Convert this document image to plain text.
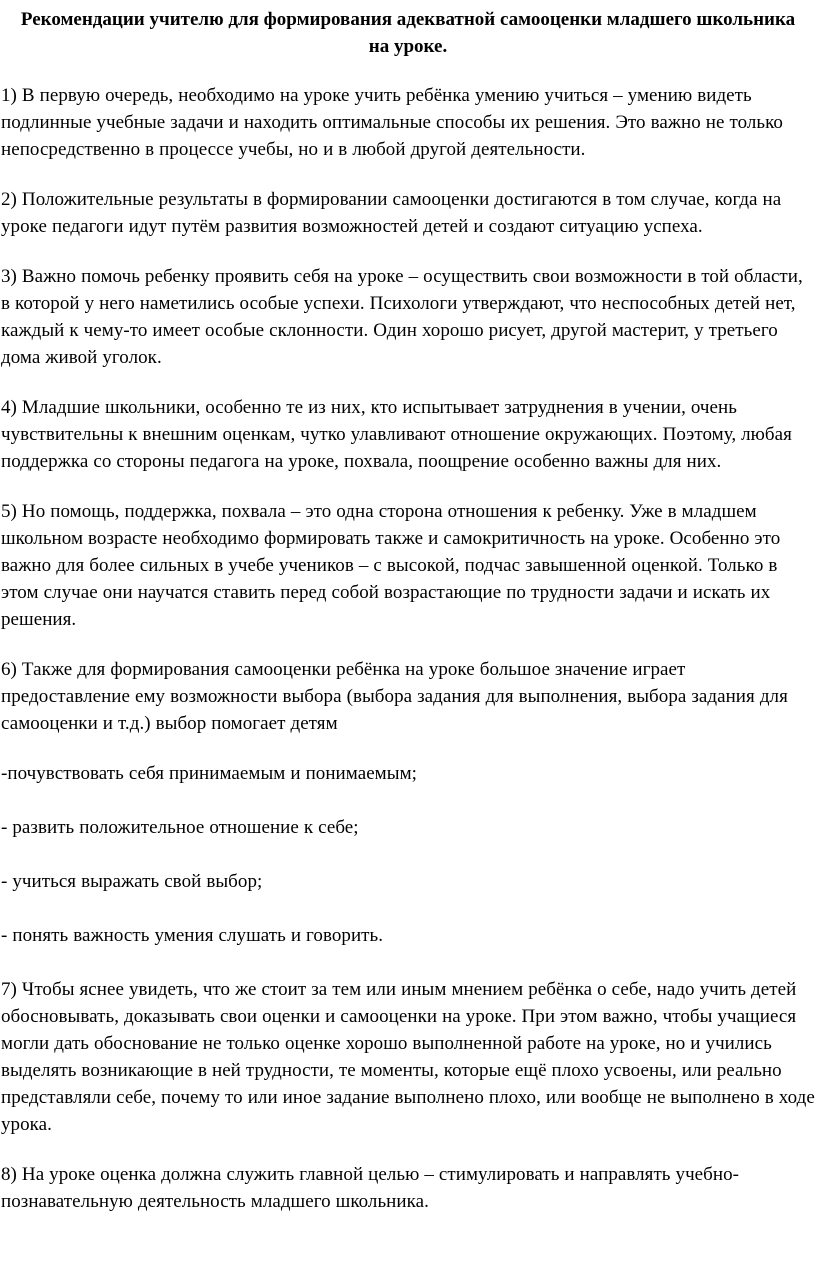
Рекомендации учителю для формирования адекватной самооценки младшего школьника на уроке.

1) В первую очередь, необходимо на уроке учить ребёнка умению учиться – умению видеть подлинные учебные задачи и находить оптимальные способы их решения. Это важно не только непосредственно в процессе учебы, но и в любой другой деятельности.

2) Положительные результаты в формировании самооценки достигаются в том случае, когда на уроке педагоги идут путём развития возможностей детей и создают ситуацию успеха.

3) Важно помочь ребенку проявить себя на уроке – осуществить свои возможности в той области, в которой у него наметились особые успехи. Психологи утверждают, что неспособных детей нет, каждый к чему-то имеет особые склонности. Один хорошо рисует, другой мастерит, у третьего дома живой уголок.

4) Младшие школьники, особенно те из них, кто испытывает затруднения в учении, очень чувствительны к внешним оценкам, чутко улавливают отношение окружающих. Поэтому, любая поддержка со стороны педагога на уроке, похвала, поощрение особенно важны для них.

5) Но помощь, поддержка, похвала – это одна сторона отношения к ребенку. Уже в младшем школьном возрасте необходимо формировать также и самокритичность на уроке. Особенно это важно для более сильных в учебе учеников – с высокой, подчас завышенной оценкой. Только в этом случае они научатся ставить перед собой возрастающие по трудности задачи и искать их решения.

6) Также для формирования самооценки ребёнка на уроке большое значение играет предоставление ему возможности выбора (выбора задания для выполнения, выбора задания для самооценки и т.д.) выбор помогает детям

-почувствовать себя принимаемым и понимаемым;

- развить положительное отношение к себе;

- учиться выражать свой выбор;

- понять важность умения слушать и говорить.

7) Чтобы яснее увидеть, что же стоит за тем или иным мнением ребёнка о себе, надо учить детей обосновывать, доказывать свои оценки и самооценки на уроке. При этом важно, чтобы учащиеся могли дать обоснование не только оценке хорошо выполненной работе на уроке, но и учились выделять возникающие в ней трудности, те моменты, которые ещё плохо усвоены, или реально представляли себе, почему то или иное задание выполнено плохо, или вообще не выполнено в ходе урока.

8) На уроке оценка должна служить главной целью – стимулировать и направлять учебно-познавательную деятельность младшего школьника.
